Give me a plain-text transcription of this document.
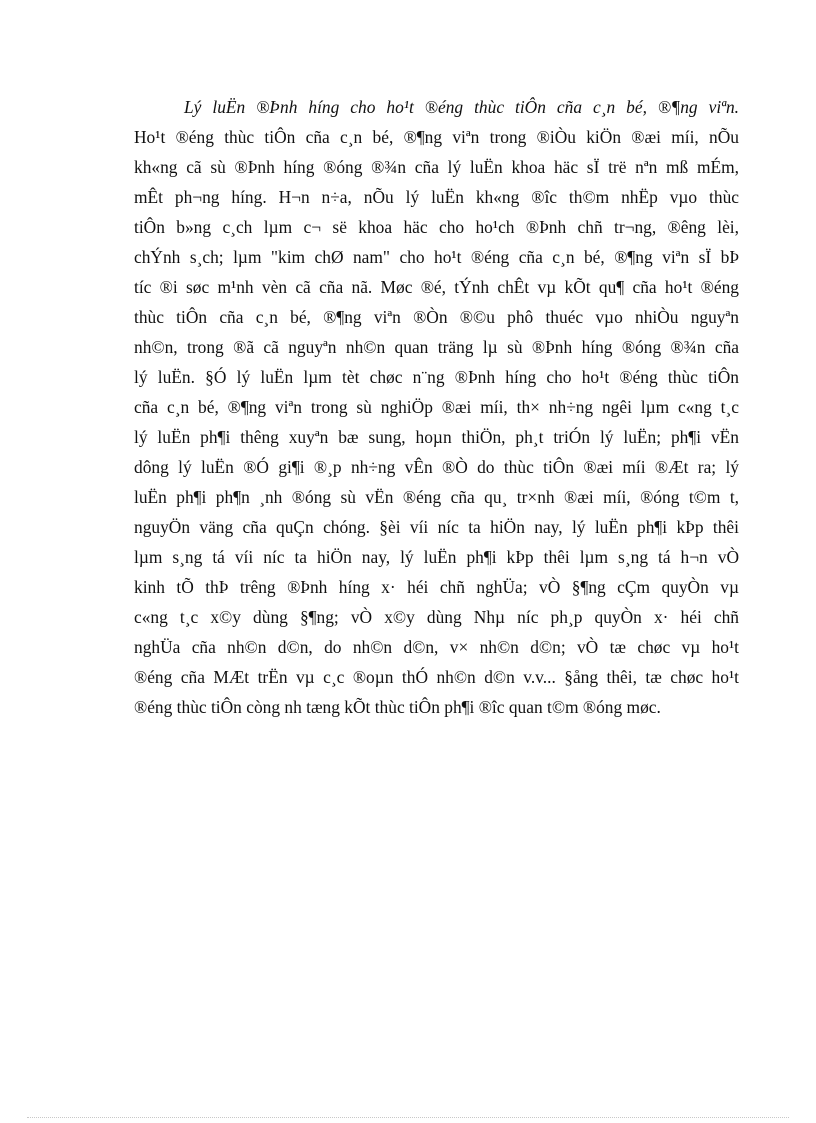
Lý luËn ®Þnh híng cho ho¹t ®éng thùc tiÔn cña c¸n bé, ®¶ng viªn.
Ho¹t ®éng thùc tiÔn cña c¸n bé, ®¶ng viªn trong ®iÒu kiÖn ®æi míi, nÕu
kh«ng cã sù ®Þnh híng ®óng ®¾n cña lý luËn khoa häc sÏ trë nªn mß mÉm,
mÊt ph¬ng híng. H¬n n÷a, nÕu lý luËn kh«ng ®îc th©m nhËp vµo thùc
tiÔn b»ng c¸ch lµm c¬ së khoa häc cho ho¹ch ®Þnh chñ tr¬ng, ®êng lèi,
chÝnh s¸ch; lµm "kim chØ nam" cho ho¹t ®éng cña c¸n bé, ®¶ng viªn sÏ bÞ
tíc ®i søc m¹nh vèn cã cña nã. Møc ®é, tÝnh chÊt vµ kÕt qu¶ cña ho¹t ®éng
thùc tiÔn cña c¸n bé, ®¶ng viªn ®Òn ®©u phô thuéc vµo nhiÒu nguyªn
nh©n, trong ®ã cã nguyªn nh©n quan träng lµ sù ®Þnh híng ®óng ®¾n cña
lý luËn. §Ó lý luËn lµm tèt chøc n¨ng ®Þnh híng cho ho¹t ®éng thùc tiÔn
cña c¸n bé, ®¶ng viªn trong sù nghiÖp ®æi míi, th× nh÷ng ngêi lµm c«ng t¸c
lý luËn ph¶i thêng xuyªn bæ sung, hoµn thiÖn, ph¸t triÓn lý luËn; ph¶i vËn
dông lý luËn ®Ó gi¶i ®¸p nh÷ng vÊn ®Ò do thùc tiÔn ®æi míi ®Æt ra; lý
luËn ph¶i ph¶n ¸nh ®óng sù vËn ®éng cña qu¸ tr×nh ®æi míi, ®óng t©m t,
nguyÖn väng cña quÇn chóng. §èi víi níc ta hiÖn nay, lý luËn ph¶i kÞp thêi
lµm s¸ng tá víi níc ta hiÖn nay, lý luËn ph¶i kÞp thêi lµm s¸ng tá h¬n vÒ
kinh tÕ thÞ trêng ®Þnh híng x· héi chñ nghÜa; vÒ §¶ng cÇm quyÒn vµ
c«ng t¸c x©y dùng §¶ng; vÒ x©y dùng Nhµ níc ph¸p quyÒn x· héi chñ
nghÜa cña nh©n d©n, do nh©n d©n, v× nh©n d©n; vÒ tæ chøc vµ ho¹t
®éng cña MÆt trËn vµ c¸c ®oµn thÓ nh©n d©n v.v... §ång thêi, tæ chøc ho¹t
®éng thùc tiÔn còng nh tæng kÕt thùc tiÔn ph¶i ®îc quan t©m ®óng møc.
